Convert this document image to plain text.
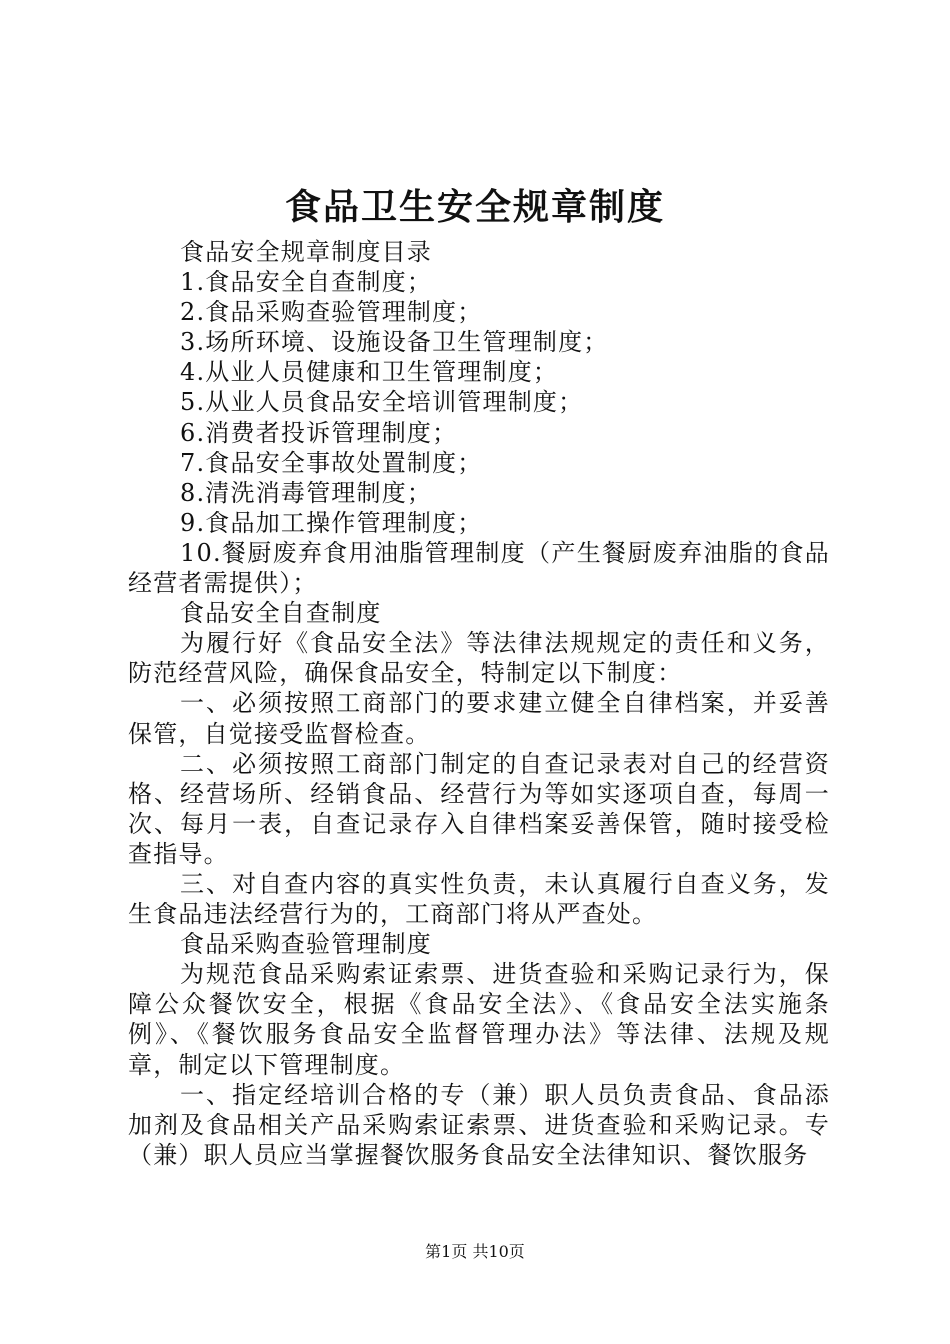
食品卫生安全规章制度

食品安全规章制度目录

1.食品安全自查制度；

2.食品采购查验管理制度；

3.场所环境、设施设备卫生管理制度；

4.从业人员健康和卫生管理制度；

5.从业人员食品安全培训管理制度；

6.消费者投诉管理制度；

7.食品安全事故处置制度；

8.清洗消毒管理制度；

9.食品加工操作管理制度；

10.餐厨废弃食用油脂管理制度（产生餐厨废弃油脂的食品经营者需提供）；

食品安全自查制度

为履行好《食品安全法》等法律法规规定的责任和义务，防范经营风险，确保食品安全，特制定以下制度：

一、必须按照工商部门的要求建立健全自律档案，并妥善保管，自觉接受监督检查。

二、必须按照工商部门制定的自查记录表对自己的经营资格、经营场所、经销食品、经营行为等如实逐项自查，每周一次、每月一表，自查记录存入自律档案妥善保管，随时接受检查指导。

三、对自查内容的真实性负责，未认真履行自查义务，发生食品违法经营行为的，工商部门将从严查处。

食品采购查验管理制度

为规范食品采购索证索票、进货查验和采购记录行为，保障公众餐饮安全，根据《食品安全法》、《食品安全法实施条例》、《餐饮服务食品安全监督管理办法》等法律、法规及规章，制定以下管理制度。

一、指定经培训合格的专（兼）职人员负责食品、食品添加剂及食品相关产品采购索证索票、进货查验和采购记录。专（兼）职人员应当掌握餐饮服务食品安全法律知识、餐饮服务

第1页 共10页
